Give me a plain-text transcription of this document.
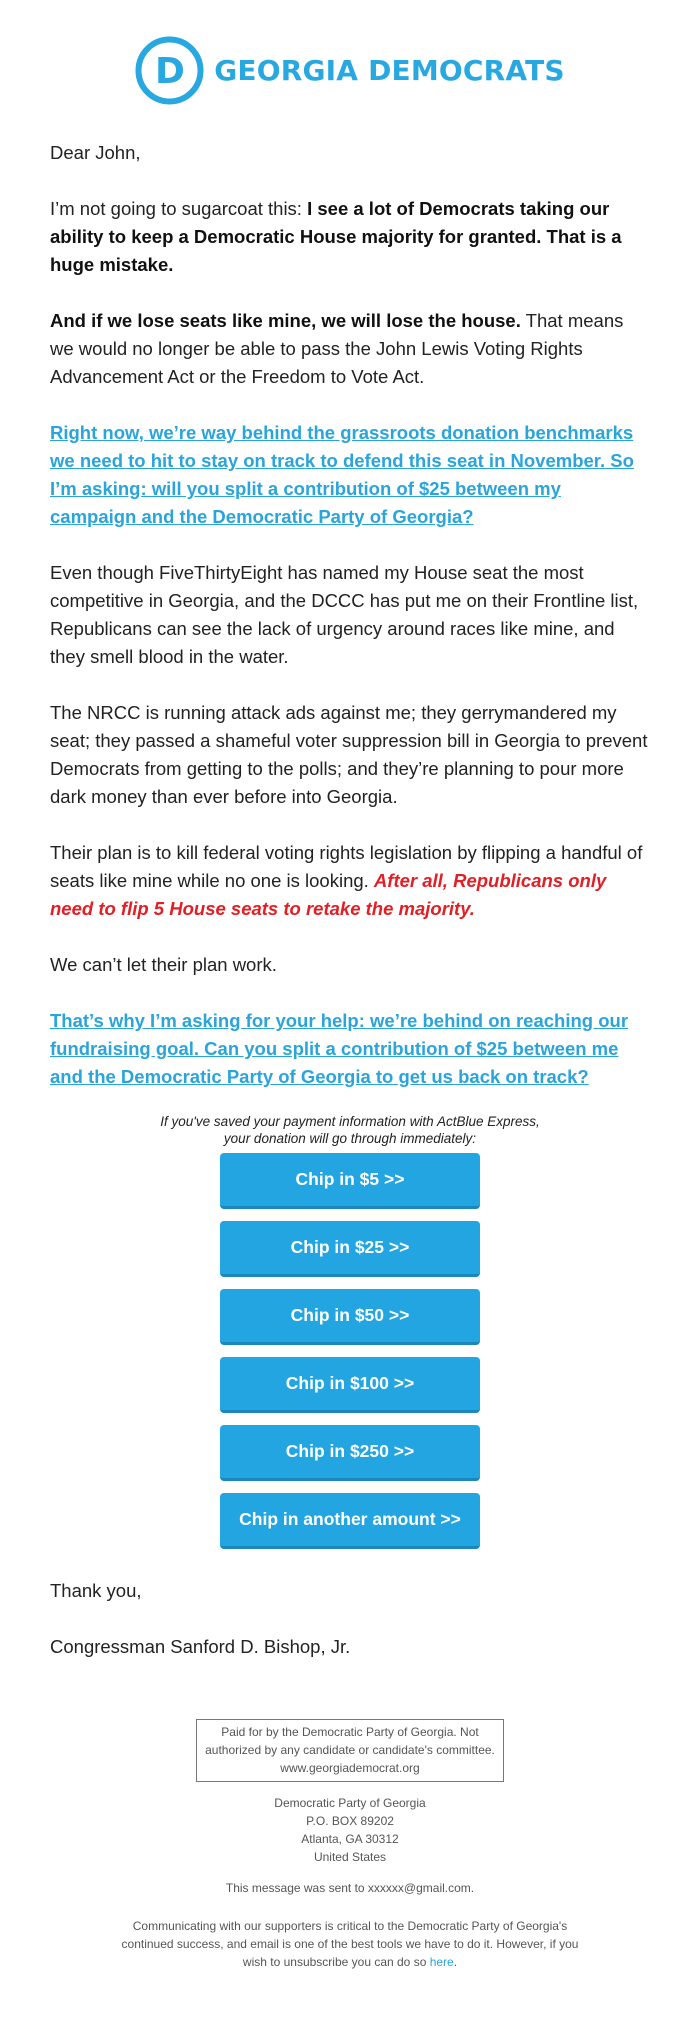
D GEORGIA DEMOCRATS

Dear John,

I’m not going to sugarcoat this: I see a lot of Democrats taking our ability to keep a Democratic House majority for granted. That is a huge mistake.

And if we lose seats like mine, we will lose the house. That means we would no longer be able to pass the John Lewis Voting Rights Advancement Act or the Freedom to Vote Act.

Right now, we’re way behind the grassroots donation benchmarks we need to hit to stay on track to defend this seat in November. So I’m asking: will you split a contribution of $25 between my campaign and the Democratic Party of Georgia?

Even though FiveThirtyEight has named my House seat the most competitive in Georgia, and the DCCC has put me on their Frontline list, Republicans can see the lack of urgency around races like mine, and they smell blood in the water.

The NRCC is running attack ads against me; they gerrymandered my seat; they passed a shameful voter suppression bill in Georgia to prevent Democrats from getting to the polls; and they’re planning to pour more dark money than ever before into Georgia.

Their plan is to kill federal voting rights legislation by flipping a handful of seats like mine while no one is looking. After all, Republicans only need to flip 5 House seats to retake the majority.

We can’t let their plan work.

That’s why I’m asking for your help: we’re behind on reaching our fundraising goal. Can you split a contribution of $25 between me and the Democratic Party of Georgia to get us back on track?

If you've saved your payment information with ActBlue Express,
your donation will go through immediately:
Chip in $5 >>
Chip in $25 >>
Chip in $50 >>
Chip in $100 >>
Chip in $250 >>
Chip in another amount >>

Thank you,

Congressman Sanford D. Bishop, Jr.

Paid for by the Democratic Party of Georgia. Not
authorized by any candidate or candidate's committee.
www.georgiademocrat.org
Democratic Party of Georgia
P.O. BOX 89202
Atlanta, GA 30312
United States
This message was sent to xxxxxx@gmail.com.
Communicating with our supporters is critical to the Democratic Party of Georgia's continued success, and email is one of the best tools we have to do it. However, if you wish to unsubscribe you can do so here.
